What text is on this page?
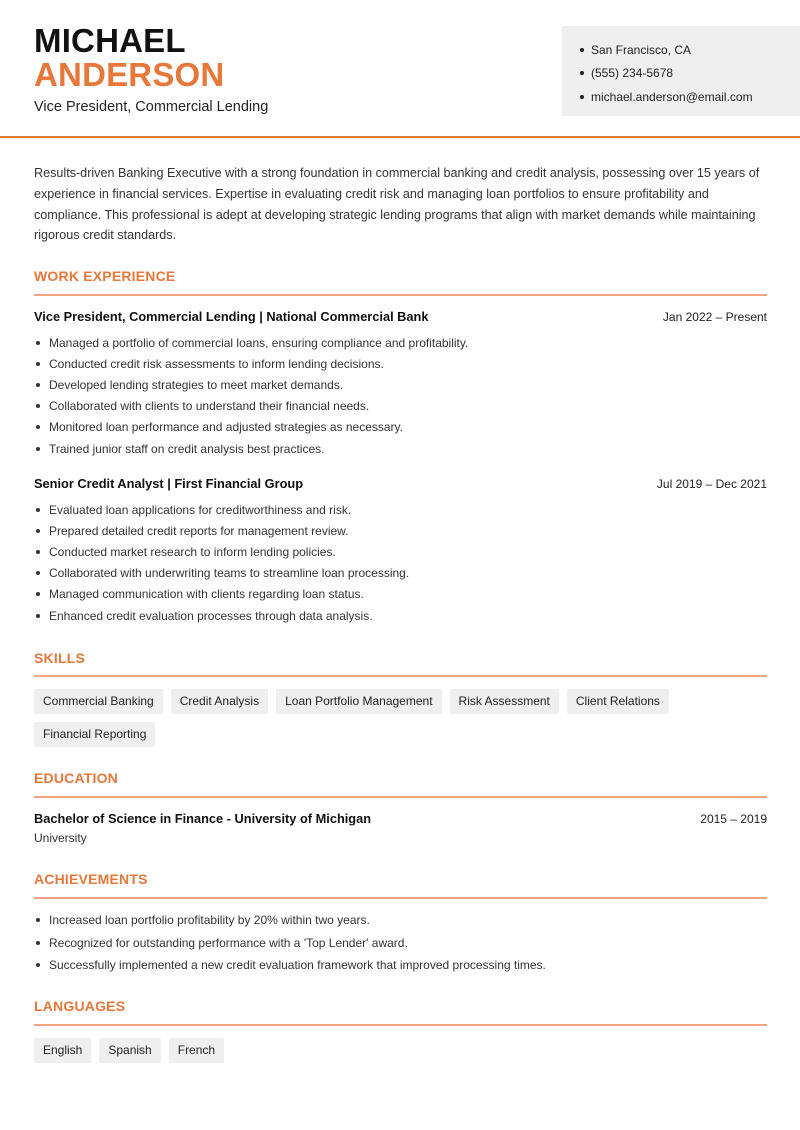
MICHAEL
ANDERSON
Vice President, Commercial Lending
San Francisco, CA
(555) 234-5678
michael.anderson@email.com
Results-driven Banking Executive with a strong foundation in commercial banking and credit analysis, possessing over 15 years of experience in financial services. Expertise in evaluating credit risk and managing loan portfolios to ensure profitability and compliance. This professional is adept at developing strategic lending programs that align with market demands while maintaining rigorous credit standards.
WORK EXPERIENCE
Vice President, Commercial Lending | National Commercial Bank	Jan 2022 – Present
Managed a portfolio of commercial loans, ensuring compliance and profitability.
Conducted credit risk assessments to inform lending decisions.
Developed lending strategies to meet market demands.
Collaborated with clients to understand their financial needs.
Monitored loan performance and adjusted strategies as necessary.
Trained junior staff on credit analysis best practices.
Senior Credit Analyst | First Financial Group	Jul 2019 – Dec 2021
Evaluated loan applications for creditworthiness and risk.
Prepared detailed credit reports for management review.
Conducted market research to inform lending policies.
Collaborated with underwriting teams to streamline loan processing.
Managed communication with clients regarding loan status.
Enhanced credit evaluation processes through data analysis.
SKILLS
Commercial Banking	Credit Analysis	Loan Portfolio Management	Risk Assessment	Client Relations
Financial Reporting
EDUCATION
Bachelor of Science in Finance - University of Michigan	2015 – 2019
University
ACHIEVEMENTS
Increased loan portfolio profitability by 20% within two years.
Recognized for outstanding performance with a 'Top Lender' award.
Successfully implemented a new credit evaluation framework that improved processing times.
LANGUAGES
English	Spanish	French
